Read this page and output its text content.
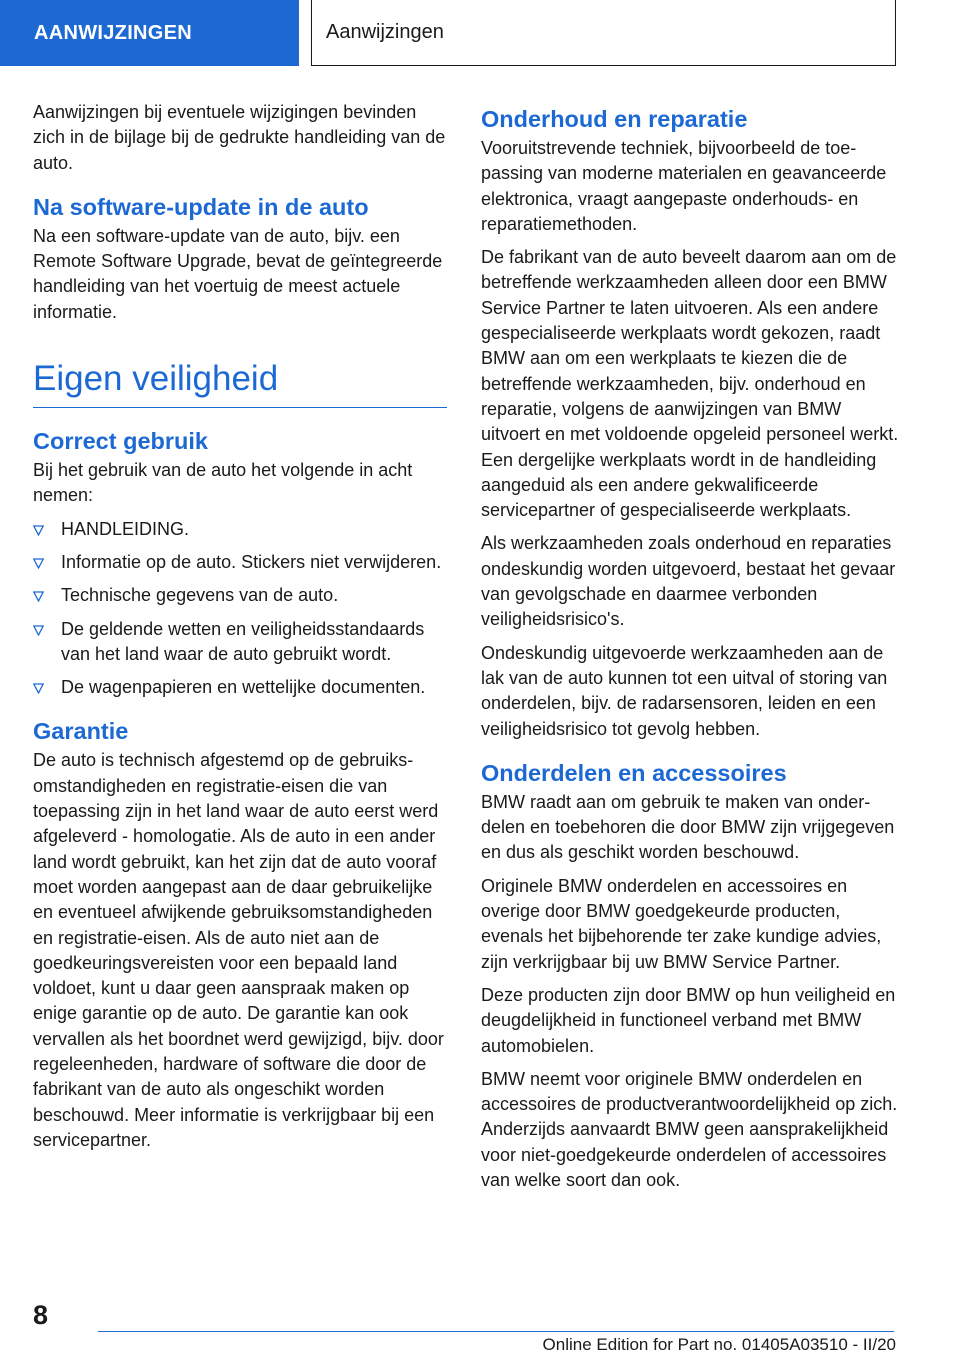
AANWIJZINGEN	Aanwijzingen

Aanwijzingen bij eventuele wijzigingen bevinden zich in de bijlage bij de gedrukte handleiding van de auto.

Na software-update in de auto

Na een software-update van de auto, bijv. een Remote Software Upgrade, bevat de geïntegreerde handleiding van het voertuig de meest actuele informatie.

Eigen veiligheid
Correct gebruik

Bij het gebruik van de auto het volgende in acht nemen:

HANDLEIDING.
Informatie op de auto. Stickers niet verwijderen.
Technische gegevens van de auto.
De geldende wetten en veiligheidsstandaards van het land waar de auto gebruikt wordt.
De wagenpapieren en wettelijke documenten.
Garantie

De auto is technisch afgestemd op de gebruiksomstandigheden en registratie-eisen die van toepassing zijn in het land waar de auto eerst werd afgeleverd - homologatie. Als de auto in een ander land wordt gebruikt, kan het zijn dat de auto vooraf moet worden aangepast aan de daar gebruikelijke en eventueel afwijkende gebruiksomstandigheden en registratie-eisen. Als de auto niet aan de goedkeuringsvereisten voor een bepaald land voldoet, kunt u daar geen aanspraak maken op enige garantie op de auto. De garantie kan ook vervallen als het boordnet werd gewijzigd, bijv. door regeleenheden, hardware of software die door de fabrikant van de auto als ongeschikt worden beschouwd. Meer informatie is verkrijgbaar bij een servicepartner.

Onderhoud en reparatie

Vooruitstrevende techniek, bijvoorbeeld de toepassing van moderne materialen en geavanceerde elektronica, vraagt aangepaste onderhouds- en reparatiemethoden.

De fabrikant van de auto beveelt daarom aan om de betreffende werkzaamheden alleen door een BMW Service Partner te laten uitvoeren. Als een andere gespecialiseerde werkplaats wordt gekozen, raadt BMW aan om een werkplaats te kiezen die de betreffende werkzaamheden, bijv. onderhoud en reparatie, volgens de aanwijzingen van BMW uitvoert en met voldoende opgeleid personeel werkt. Een dergelijke werkplaats wordt in de handleiding aangeduid als een andere gekwalificeerde servicepartner of gespecialiseerde werkplaats.

Als werkzaamheden zoals onderhoud en reparaties ondeskundig worden uitgevoerd, bestaat het gevaar van gevolgschade en daarmee verbonden veiligheidsrisico's.

Ondeskundig uitgevoerde werkzaamheden aan de lak van de auto kunnen tot een uitval of storing van onderdelen, bijv. de radarsensoren, leiden en een veiligheidsrisico tot gevolg hebben.

Onderdelen en accessoires

BMW raadt aan om gebruik te maken van onderdelen en toebehoren die door BMW zijn vrijgegeven en dus als geschikt worden beschouwd.

Originele BMW onderdelen en accessoires en overige door BMW goedgekeurde producten, evenals het bijbehorende ter zake kundige advies, zijn verkrijgbaar bij uw BMW Service Partner.

Deze producten zijn door BMW op hun veiligheid en deugdelijkheid in functioneel verband met BMW automobielen.

BMW neemt voor originele BMW onderdelen en accessoires de productverantwoordelijkheid op zich. Anderzijds aanvaardt BMW geen aansprakelijkheid voor niet-goedgekeurde onderdelen of accessoires van welke soort dan ook.

8
Online Edition for Part no. 01405A03510 - II/20
